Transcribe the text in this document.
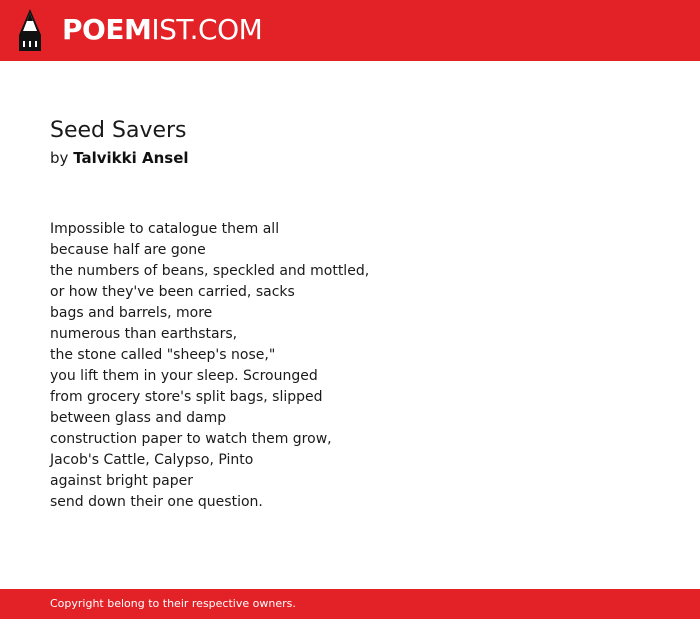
POEMIST.COM
Seed Savers
by Talvikki Ansel
Impossible to catalogue them all
because half are gone
the numbers of beans, speckled and mottled,
or how they've been carried, sacks
bags and barrels, more
numerous than earthstars,
the stone called "sheep's nose,"
you lift them in your sleep. Scrounged
from grocery store's split bags, slipped
between glass and damp
construction paper to watch them grow,
Jacob's Cattle, Calypso, Pinto
against bright paper
send down their one question.
Copyright belong to their respective owners.
